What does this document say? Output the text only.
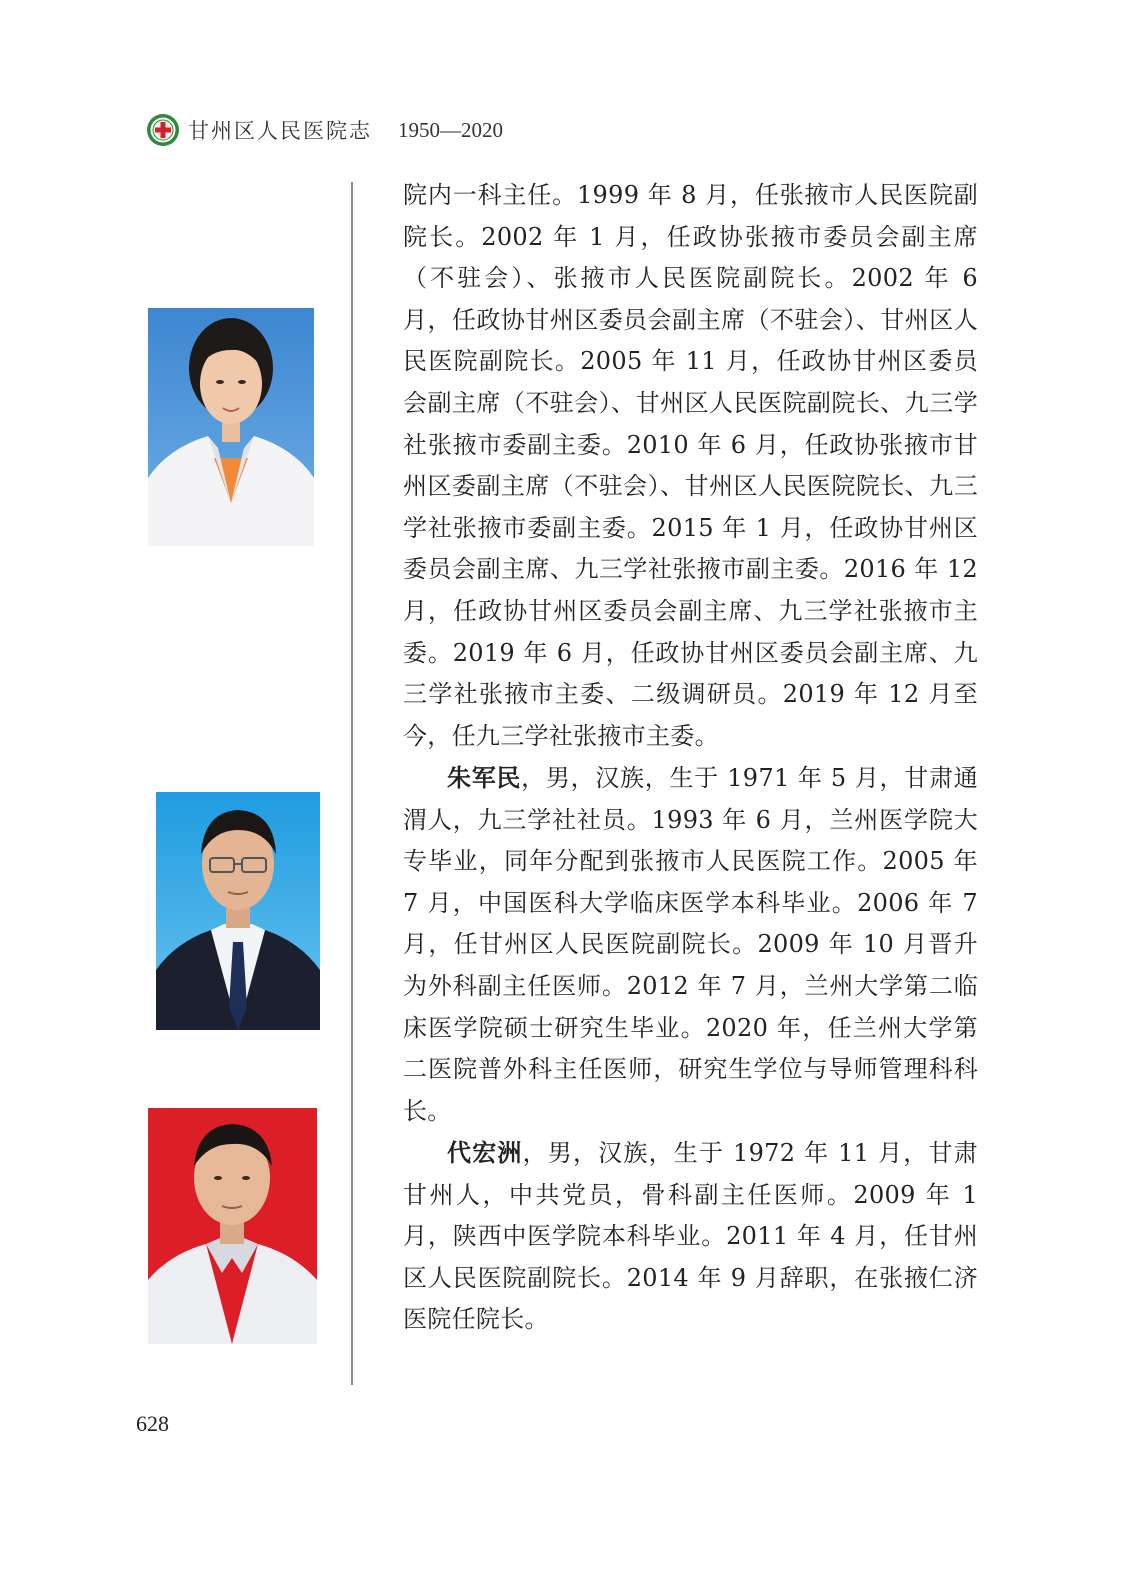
甘州区人民医院志 1950—2020
院内一科主任。1999 年 8 月，任张掖市人民医院副院长。2002 年 1 月，任政协张掖市委员会副主席（不驻会）、张掖市人民医院副院长。2002 年 6 月，任政协甘州区委员会副主席（不驻会）、甘州区人民医院副院长。2005 年 11 月，任政协甘州区委员会副主席（不驻会）、甘州区人民医院副院长、九三学社张掖市委副主委。2010 年 6 月，任政协张掖市甘州区委副主席（不驻会）、甘州区人民医院院长、九三学社张掖市委副主委。2015 年 1 月，任政协甘州区委员会副主席、九三学社张掖市副主委。2016 年 12 月，任政协甘州区委员会副主席、九三学社张掖市主委。2019 年 6 月，任政协甘州区委员会副主席、九三学社张掖市主委、二级调研员。2019 年 12 月至今，任九三学社张掖市主委。
朱军民，男，汉族，生于 1971 年 5 月，甘肃通渭人，九三学社社员。1993 年 6 月，兰州医学院大专毕业，同年分配到张掖市人民医院工作。2005 年 7 月，中国医科大学临床医学本科毕业。2006 年 7 月，任甘州区人民医院副院长。2009 年 10 月晋升为外科副主任医师。2012 年 7 月，兰州大学第二临床医学院硕士研究生毕业。2020 年，任兰州大学第二医院普外科主任医师，研究生学位与导师管理科科长。
代宏洲，男，汉族，生于 1972 年 11 月，甘肃甘州人，中共党员，骨科副主任医师。2009 年 1 月，陕西中医学院本科毕业。2011 年 4 月，任甘州区人民医院副院长。2014 年 9 月辞职，在张掖仁济医院任院长。
628
